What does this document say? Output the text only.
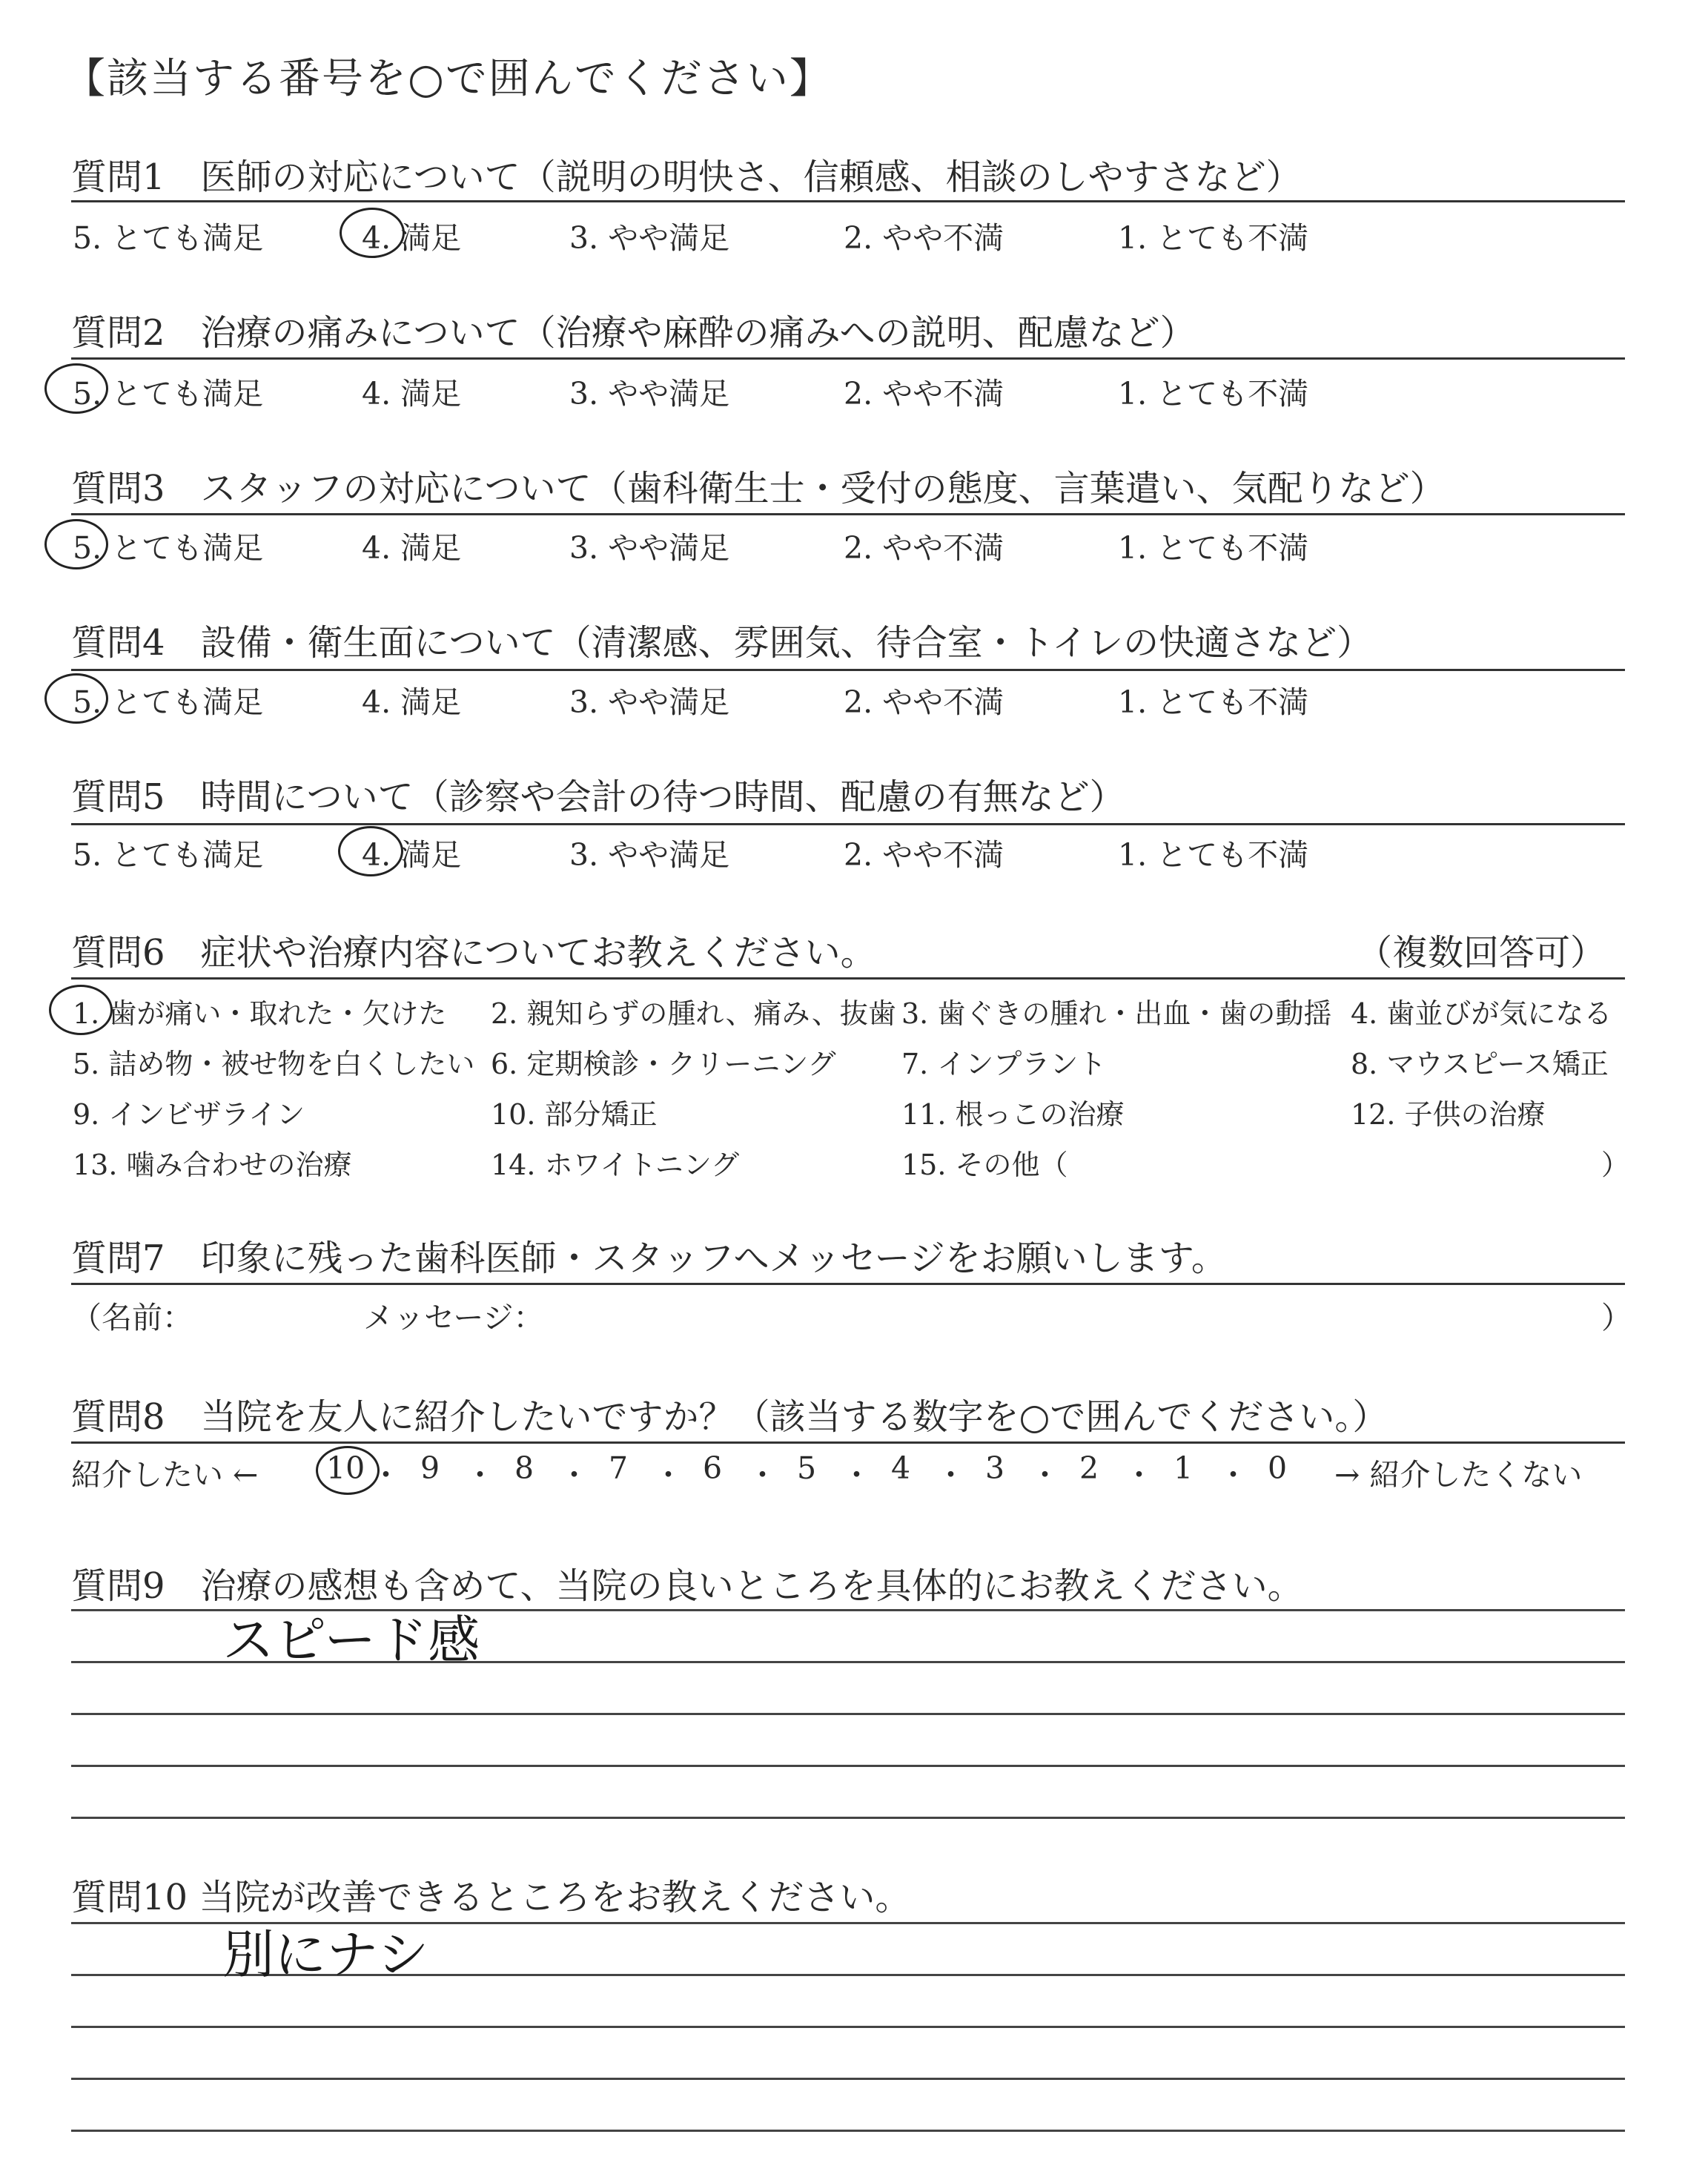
【該当する番号を○で囲んでください】
質問1　医師の対応について（説明の明快さ、信頼感、相談のしやすさなど）
5. とても満足	4. 満足	3. やや満足	2. やや不満	1. とても不満
質問2　治療の痛みについて（治療や麻酔の痛みへの説明、配慮など）
5. とても満足	4. 満足	3. やや満足	2. やや不満	1. とても不満
質問3　スタッフの対応について（歯科衛生士・受付の態度、言葉遣い、気配りなど）
5. とても満足	4. 満足	3. やや満足	2. やや不満	1. とても不満
質問4　設備・衛生面について（清潔感、雰囲気、待合室・トイレの快適さなど）
5. とても満足	4. 満足	3. やや満足	2. やや不満	1. とても不満
質問5　時間について（診察や会計の待つ時間、配慮の有無など）
5. とても満足	4. 満足	3. やや満足	2. やや不満	1. とても不満
質問6　症状や治療内容についてお教えください。	（複数回答可）
1. 歯が痛い・取れた・欠けた 2. 親知らずの腫れ、痛み、抜歯 3. 歯ぐきの腫れ・出血・歯の動揺 4. 歯並びが気になる
5. 詰め物・被せ物を白くしたい 6. 定期検診・クリーニング 7. インプラント	8. マウスピース矯正
9. インビザライン	10. 部分矯正	11. 根っこの治療	12. 子供の治療
13. 噛み合わせの治療	14. ホワイトニング	15. その他（	）
質問7　印象に残った歯科医師・スタッフへメッセージをお願いします。
（名前：	メッセージ：	）
質問8　当院を友人に紹介したいですか？（該当する数字を○で囲んでください。）
紹介したい ←	→ 紹介したくない
10 ・ 9 ・ 8 ・ 7 ・ 6 ・ 5 ・ 4 ・ 3 ・ 2 ・ 1 ・ 0
質問9　治療の感想も含めて、当院の良いところを具体的にお教えください。
スピード感
質問10 当院が改善できるところをお教えください。
別にナシ
